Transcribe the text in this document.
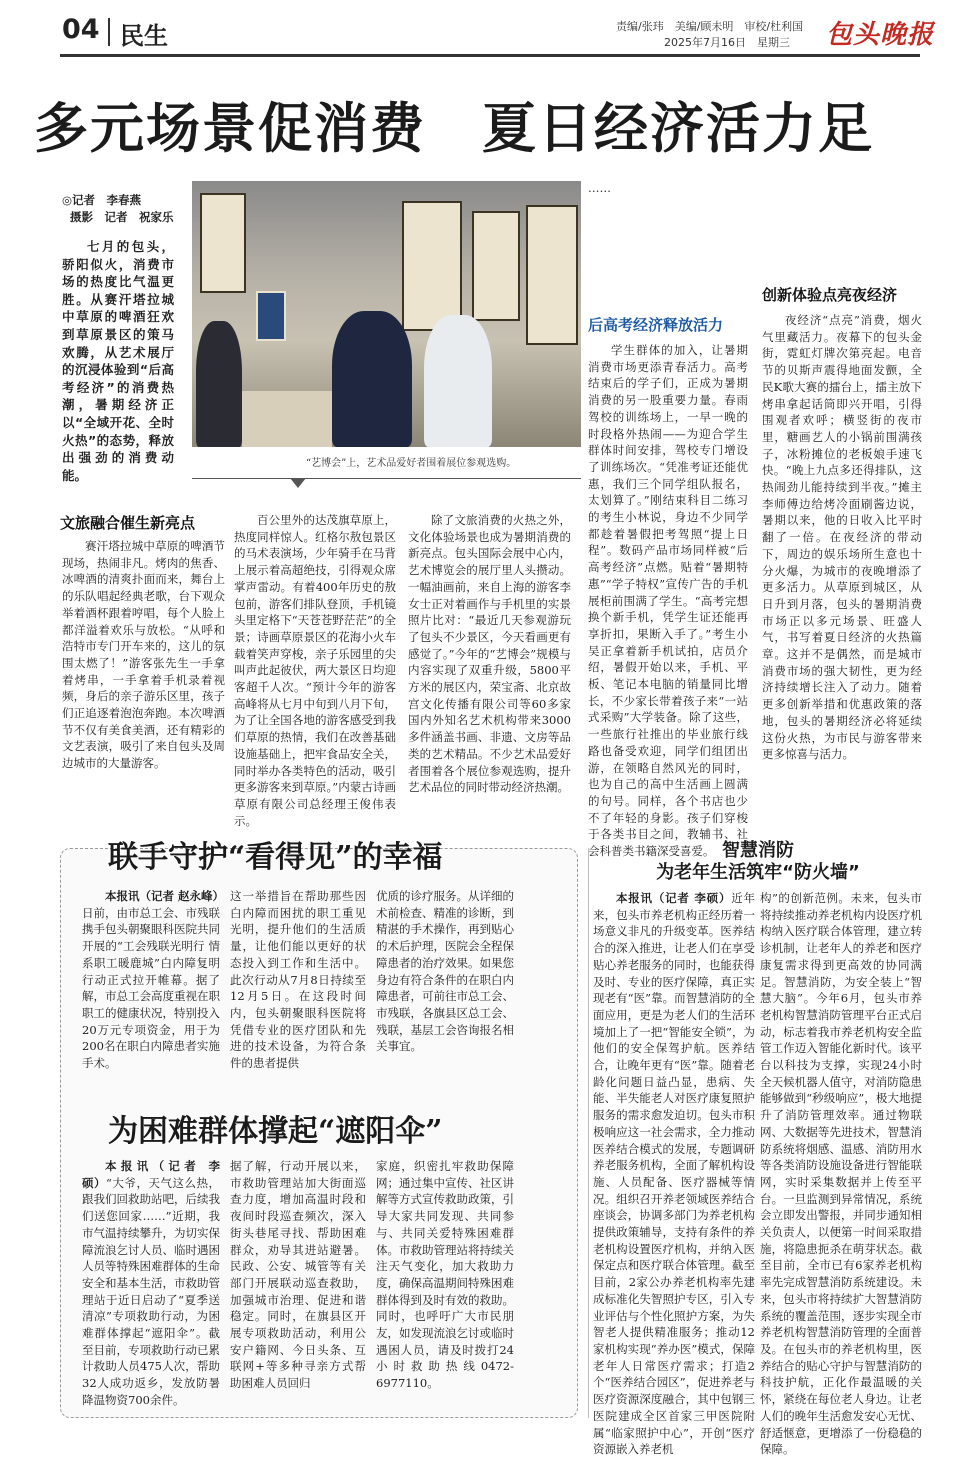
04 民生	责编/张玮　美编/顾未明　审校/杜利国
2025年7月16日　星期三 包头晚报
多元场景促消费　夏日经济活力足
◎记者　李春燕
摄影　记者　祝家乐

七月的包头，骄阳似火，消费市场的热度比气温更胜。从赛汗塔拉城中草原的啤酒狂欢到草原景区的策马欢腾，从艺术展厅的沉浸体验到“后高考经济”的消费热潮，暑期经济正以“全域开花、全时火热”的态势，释放出强劲的消费动能。

“艺博会”上，艺术品爱好者围着展位参观选购。
文旅融合催生新亮点

赛汗塔拉城中草原的啤酒节现场，热闹非凡。烤肉的焦香、冰啤酒的清爽扑面而来，舞台上的乐队唱起经典老歌，台下观众举着酒杯跟着哼唱，每个人脸上都洋溢着欢乐与放松。“从呼和浩特市专门开车来的，这儿的氛围太燃了！”游客张先生一手拿着烤串，一手拿着手机录着视频，身后的亲子游乐区里，孩子们正追逐着泡泡奔跑。本次啤酒节不仅有美食美酒，还有精彩的文艺表演，吸引了来自包头及周边城市的大量游客。

百公里外的达茂旗草原上，热度同样惊人。红格尔敖包景区的马术表演场，少年骑手在马背上展示着高超绝技，引得观众席掌声雷动。有着400年历史的敖包前，游客们排队登顶，手机镜头里定格下“天苍苍野茫茫”的全景；诗画草原景区的花海小火车载着笑声穿梭，亲子乐园里的尖叫声此起彼伏，两大景区日均迎客超千人次。“预计今年的游客高峰将从七月中旬到八月下旬，为了让全国各地的游客感受到我们草原的热情，我们在改善基础设施基础上，把牢食品安全关，同时举办各类特色的活动，吸引更多游客来到草原。”内蒙古诗画草原有限公司总经理王俊伟表示。

除了文旅消费的火热之外，文化体验场景也成为暑期消费的新亮点。包头国际会展中心内，艺术博览会的展厅里人头攒动。一幅油画前，来自上海的游客李女士正对着画作与手机里的实景照片比对：“最近几天参观游玩了包头不少景区，今天看画更有感觉了。”今年的“艺博会”规模与内容实现了双重升级，5800平方米的展区内，荣宝斋、北京故宫文化传播有限公司等60多家国内外知名艺术机构带来3000多件涵盖书画、非遗、文房等品类的艺术精品。不少艺术品爱好者围着各个展位参观选购，提升艺术品位的同时带动经济热潮。

……

后高考经济释放活力

学生群体的加入，让暑期消费市场更添青春活力。高考结束后的学子们，正成为暑期消费的另一股重要力量。春雨驾校的训练场上，一早一晚的时段格外热闹——为迎合学生群体时间安排，驾校专门增设了训练场次。“凭准考证还能优惠，我们三个同学组队报名，太划算了。”刚结束科目二练习的考生小林说，身边不少同学都趁着暑假把考驾照“提上日程”。数码产品市场同样被“后高考经济”点燃。贴着“暑期特惠”“学子特权”宣传广告的手机展柜前围满了学生。“高考完想换个新手机，凭学生证还能再享折扣，果断入手了。”考生小吴正拿着新手机试拍，店员介绍，暑假开始以来，手机、平板、笔记本电脑的销量同比增长，不少家长带着孩子来“一站式采购”大学装备。除了这些，一些旅行社推出的毕业旅行线路也备受欢迎，同学们组团出游，在领略自然风光的同时，也为自己的高中生活画上圆满的句号。同样，各个书店也少不了年轻的身影。孩子们穿梭于各类书目之间，教辅书、社会科普类书籍深受喜爱。

创新体验点亮夜经济

夜经济“点亮”消费，烟火气里藏活力。夜幕下的包头金街，霓虹灯牌次第亮起。电音节的贝斯声震得地面发颤，全民K歌大赛的擂台上，擂主放下烤串拿起话筒即兴开唱，引得围观者欢呼；横竖街的夜市里，糖画艺人的小锅前围满孩子，冰粉摊位的老板娘手速飞快。“晚上九点多还得排队，这热闹劲儿能持续到半夜。”摊主李师傅边给烤冷面刷酱边说，暑期以来，他的日收入比平时翻了一倍。在夜经济的带动下，周边的娱乐场所生意也十分火爆，为城市的夜晚增添了更多活力。从草原到城区，从日升到月落，包头的暑期消费市场正以多元场景、旺盛人气，书写着夏日经济的火热篇章。这并不是偶然，而是城市消费市场的强大韧性，更为经济持续增长注入了动力。随着更多创新举措和优惠政策的落地，包头的暑期经济必将延续这份火热，为市民与游客带来更多惊喜与活力。

联手守护“看得见”的幸福

本报讯（记者 赵永峰）日前，由市总工会、市残联携手包头朝聚眼科医院共同开展的“工会残联光明行 情系职工暖鹿城”白内障复明行动正式拉开帷幕。据了解，市总工会高度重视在职职工的健康状况，特别投入20万元专项资金，用于为200名在职白内障患者实施手术。

这一举措旨在帮助那些因白内障而困扰的职工重见光明，提升他们的生活质量，让他们能以更好的状态投入到工作和生活中。此次行动从7月8日持续至12月5日。在这段时间内，包头朝聚眼科医院将凭借专业的医疗团队和先进的技术设备，为符合条件的患者提供

优质的诊疗服务。从详细的术前检查、精准的诊断，到精湛的手术操作，再到贴心的术后护理，医院会全程保障患者的治疗效果。如果您身边有符合条件的在职白内障患者，可前往市总工会、市残联，各旗县区总工会、残联，基层工会咨询报名相关事宜。

为困难群体撑起“遮阳伞”

本报讯（记者 李硕）“大爷，天气这么热，跟我们回救助站吧，后续我们送您回家……”近期，我市气温持续攀升，为切实保障流浪乞讨人员、临时遇困人员等特殊困难群体的生命安全和基本生活，市救助管理站于近日启动了“夏季送清凉”专项救助行动，为困难群体撑起“遮阳伞”。截至目前，专项救助行动已累计救助人员475人次，帮助32人成功返乡，发放防暑降温物资700余件。

据了解，行动开展以来，市救助管理站加大街面巡查力度，增加高温时段和夜间时段巡查频次，深入街头巷尾寻找、帮助困难群众，劝导其进站避暑。民政、公安、城管等有关部门开展联动巡查救助，加强城市治理、促进和谐稳定。同时，在旗县区开展专项救助活动，利用公安户籍网、今日头条、互联网+等多种寻亲方式帮助困难人员回归

家庭，织密扎牢救助保障网；通过集中宣传、社区讲解等方式宣传救助政策，引导大家共同发现、共同参与、共同关爱特殊困难群体。市救助管理站将持续关注天气变化，加大救助力度，确保高温期间特殊困难群体得到及时有效的救助。同时，也呼吁广大市民朋友，如发现流浪乞讨或临时遇困人员，请及时拨打24小时救助热线0472-6977110。

智慧消防
为老年生活筑牢“防火墙”

本报讯（记者 李硕）近年来，包头市养老机构正经历着一场意义非凡的升级变革。医养结合的深入推进，让老人们在享受贴心养老服务的同时，也能获得及时、专业的医疗保障，真正实现老有“医”靠。而智慧消防的全面应用，更是为老人们的生活环境加上了一把“智能安全锁”，为他们的安全保驾护航。医养结合，让晚年更有“医”靠。随着老龄化问题日益凸显，患病、失能、半失能老人对医疗康复照护服务的需求愈发迫切。包头市积极响应这一社会需求，全力推动医养结合模式的发展，专题调研养老服务机构，全面了解机构设施、人员配备、医疗器械等情况。组织召开养老领域医养结合座谈会，协调多部门为养老机构提供政策辅导，支持有条件的养老机构设置医疗机构，并纳入医保定点和医疗联合体管理。截至目前，2家公办养老机构率先建成标准化失智照护专区，引入专业评估与个性化照护方案，为失智老人提供精准服务；推动12家机构实现“养办医”模式，保障老年人日常医疗需求；打造2个“医养结合园区”，促进养老与医疗资源深度融合，其中包钢三医院建成全区首家三甲医院附属“临家照护中心”，开创“医疗资源嵌入养老机

构”的创新范例。未来，包头市将持续推动养老机构内设医疗机构纳入医疗联合体管理，建立转诊机制，让老年人的养老和医疗康复需求得到更高效的协同满足。智慧消防，为安全装上“智慧大脑”。今年6月，包头市养老机构智慧消防管理平台正式启动，标志着我市养老机构安全监管工作迈入智能化新时代。该平台以科技为支撑，实现24小时全天候机器人值守，对消防隐患能够做到“秒级响应”，极大地提升了消防管理效率。通过物联网、大数据等先进技术，智慧消防系统将烟感、温感、消防用水等各类消防设施设备进行智能联网，实时采集数据并上传至平台。一旦监测到异常情况，系统会立即发出警报，并同步通知相关负责人，以便第一时间采取措施，将隐患扼杀在萌芽状态。截至目前，全市已有6家养老机构率先完成智慧消防系统建设。未来，包头市将持续扩大智慧消防系统的覆盖范围，逐步实现全市养老机构智慧消防管理的全面普及。在包头市的养老机构里，医养结合的贴心守护与智慧消防的科技护航，正化作最温暖的关怀，紧绕在每位老人身边。让老人们的晚年生活愈发安心无忧、舒适惬意，更增添了一份稳稳的保障。
